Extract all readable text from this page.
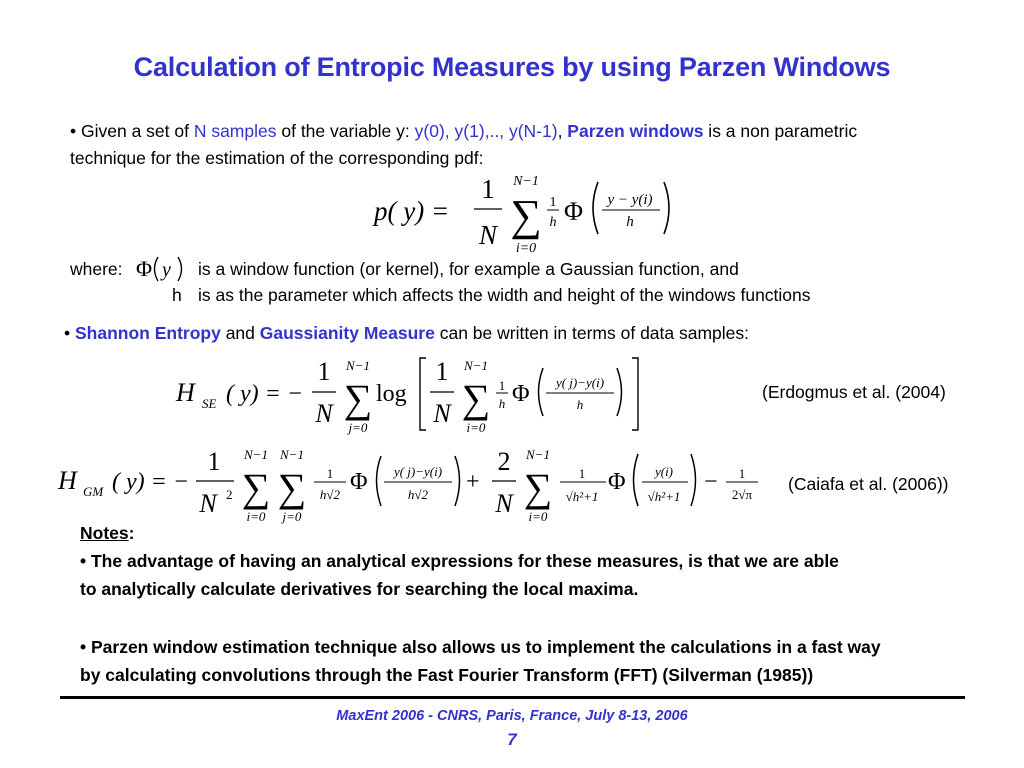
Calculation of Entropic Measures by using Parzen Windows
• Given a set of N samples of the variable y: y(0), y(1),.., y(N-1), Parzen windows is a non parametric
technique for the estimation of the corresponding pdf:
p( y) =
1
N
N−1
∑
i=0
1
h Φ y − y(i)
h
where: Φ y is a window function (or kernel), for example a Gaussian function, and
h is as the parameter which affects the width and height of the windows functions
• Shannon Entropy and Gaussianity Measure can be written in terms of data samples:
H SE ( y) = −
1
N
N−1
∑
j=0
log
1
N
N−1
∑
i=0
1
h Φ y( j)−y(i)
h
(Erdogmus et al. (2004)
H GM ( y) = −
1
N 2
N−1
∑
i=0
N−1
∑
j=0
1
h√2 Φ y( j)−y(i)
h√2 +
2
N
N−1
∑
i=0
1
√h²+1
Φ y(i)
√h²+1
− 1
2√π
(Caiafa et al. (2006))
Notes:
• The advantage of having an analytical expressions for these measures, is that we are able
to analytically calculate derivatives for searching the local maxima.
• Parzen window estimation technique also allows us to implement the calculations in a fast way
by calculating convolutions through the Fast Fourier Transform (FFT) (Silverman (1985))
MaxEnt 2006 - CNRS, Paris, France, July 8-13, 2006
7
